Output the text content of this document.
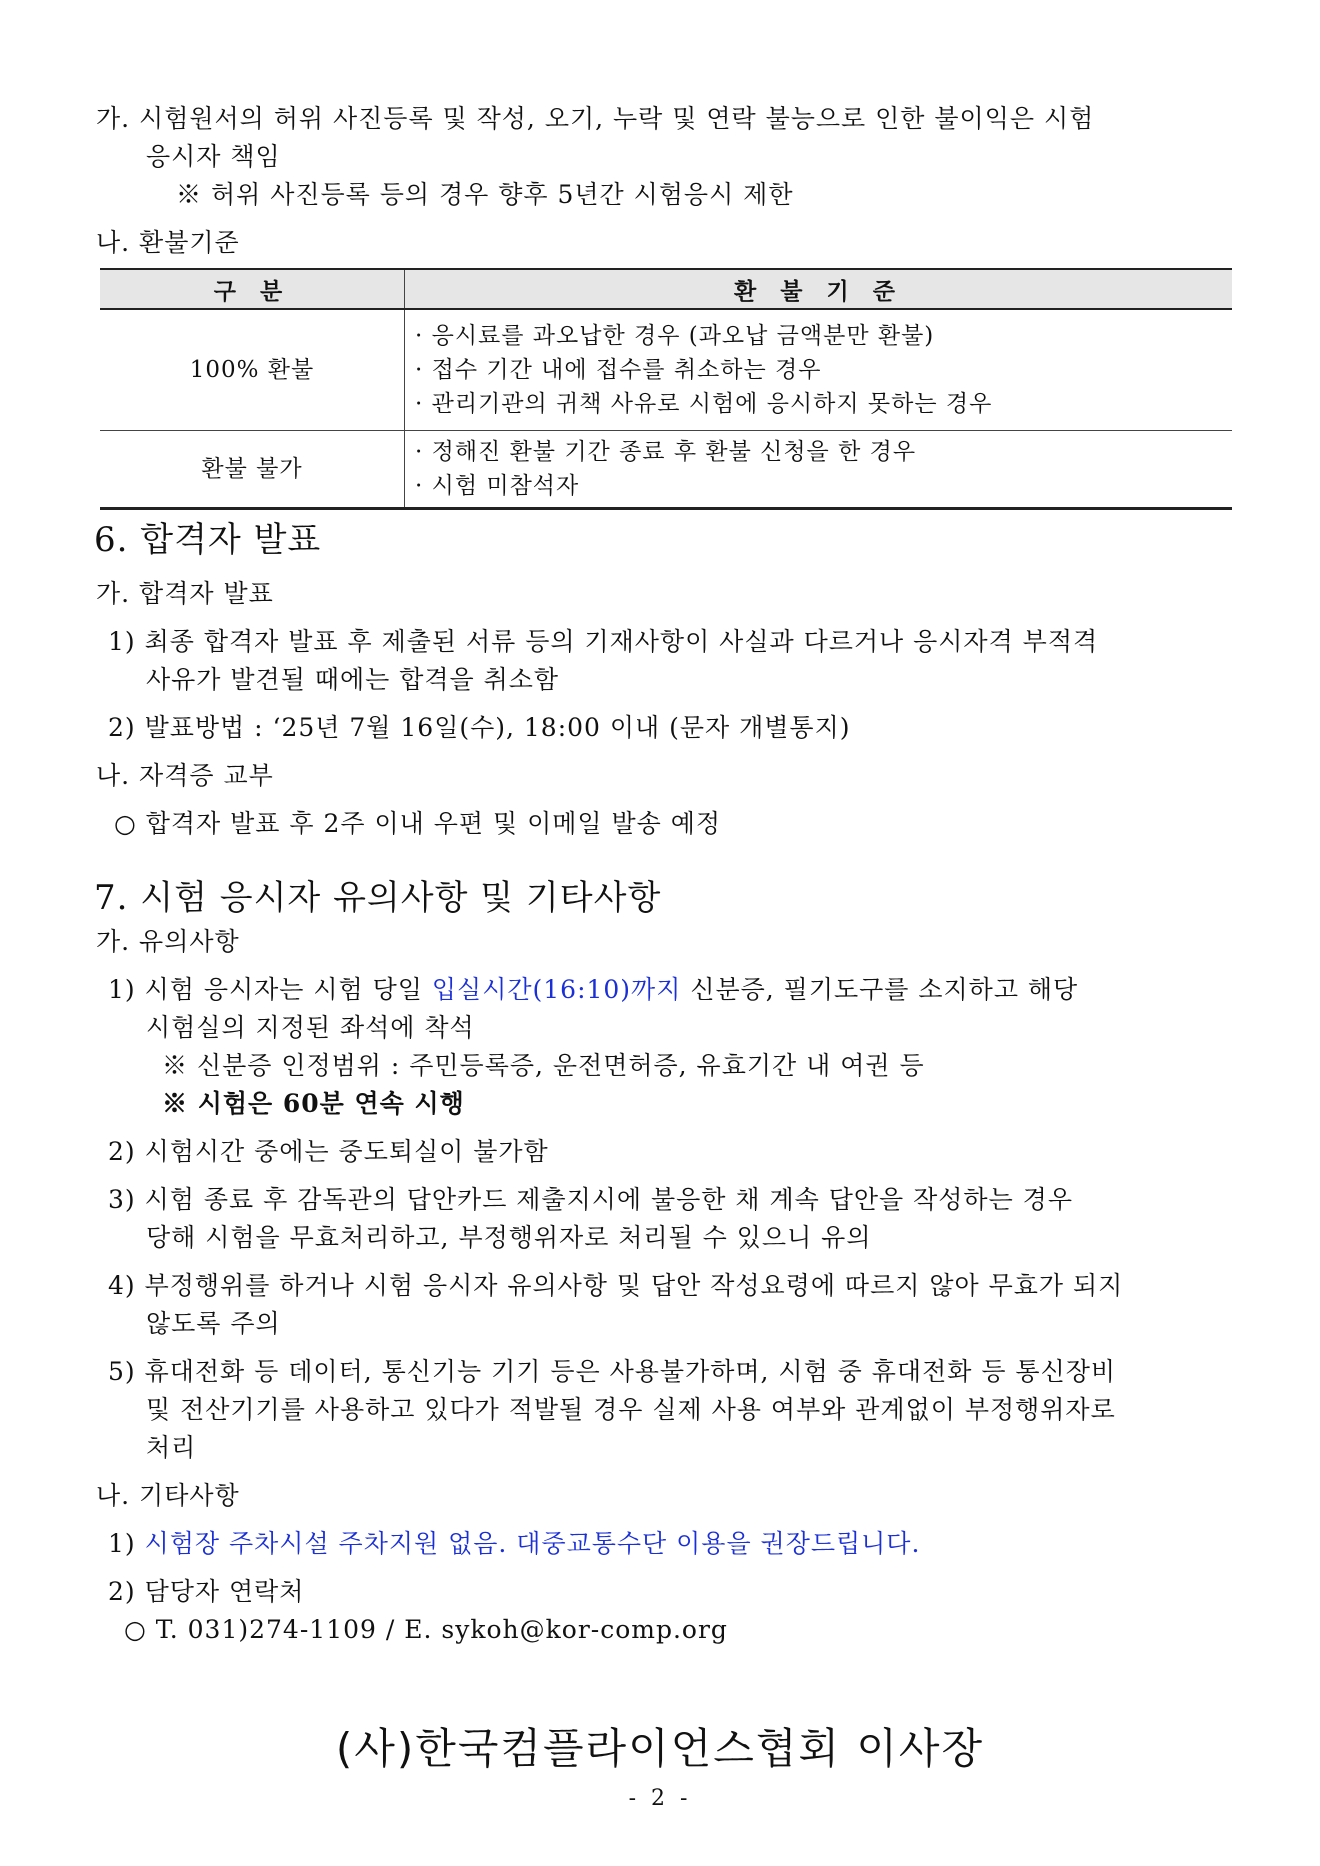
가. 시험원서의 허위 사진등록 및 작성, 오기, 누락 및 연락 불능으로 인한 불이익은 시험
응시자 책임
※ 허위 사진등록 등의 경우 향후 5년간 시험응시 제한
나. 환불기준
구 분	환 불 기 준
100% 환불	· 응시료를 과오납한 경우 (과오납 금액분만 환불)
· 접수 기간 내에 접수를 취소하는 경우
· 관리기관의 귀책 사유로 시험에 응시하지 못하는 경우

환불 불가	· 정해진 환불 기간 종료 후 환불 신청을 한 경우
· 시험 미참석자
6. 합격자 발표
가. 합격자 발표
1) 최종 합격자 발표 후 제출된 서류 등의 기재사항이 사실과 다르거나 응시자격 부적격
사유가 발견될 때에는 합격을 취소함
2) 발표방법 : ‘25년 7월 16일(수), 18:00 이내 (문자 개별통지)
나. 자격증 교부
○ 합격자 발표 후 2주 이내 우편 및 이메일 발송 예정
7. 시험 응시자 유의사항 및 기타사항
가. 유의사항
1) 시험 응시자는 시험 당일 입실시간(16:10)까지 신분증, 필기도구를 소지하고 해당
시험실의 지정된 좌석에 착석
※ 신분증 인정범위 : 주민등록증, 운전면허증, 유효기간 내 여권 등
※ 시험은 60분 연속 시행
2) 시험시간 중에는 중도퇴실이 불가함
3) 시험 종료 후 감독관의 답안카드 제출지시에 불응한 채 계속 답안을 작성하는 경우
당해 시험을 무효처리하고, 부정행위자로 처리될 수 있으니 유의
4) 부정행위를 하거나 시험 응시자 유의사항 및 답안 작성요령에 따르지 않아 무효가 되지
않도록 주의
5) 휴대전화 등 데이터, 통신기능 기기 등은 사용불가하며, 시험 중 휴대전화 등 통신장비
및 전산기기를 사용하고 있다가 적발될 경우 실제 사용 여부와 관계없이 부정행위자로
처리
나. 기타사항
1) 시험장 주차시설 주차지원 없음. 대중교통수단 이용을 권장드립니다.
2) 담당자 연락처
○ T. 031)274-1109 / E. sykoh@kor-comp.org
(사)한국컴플라이언스협회 이사장
- 2 -
